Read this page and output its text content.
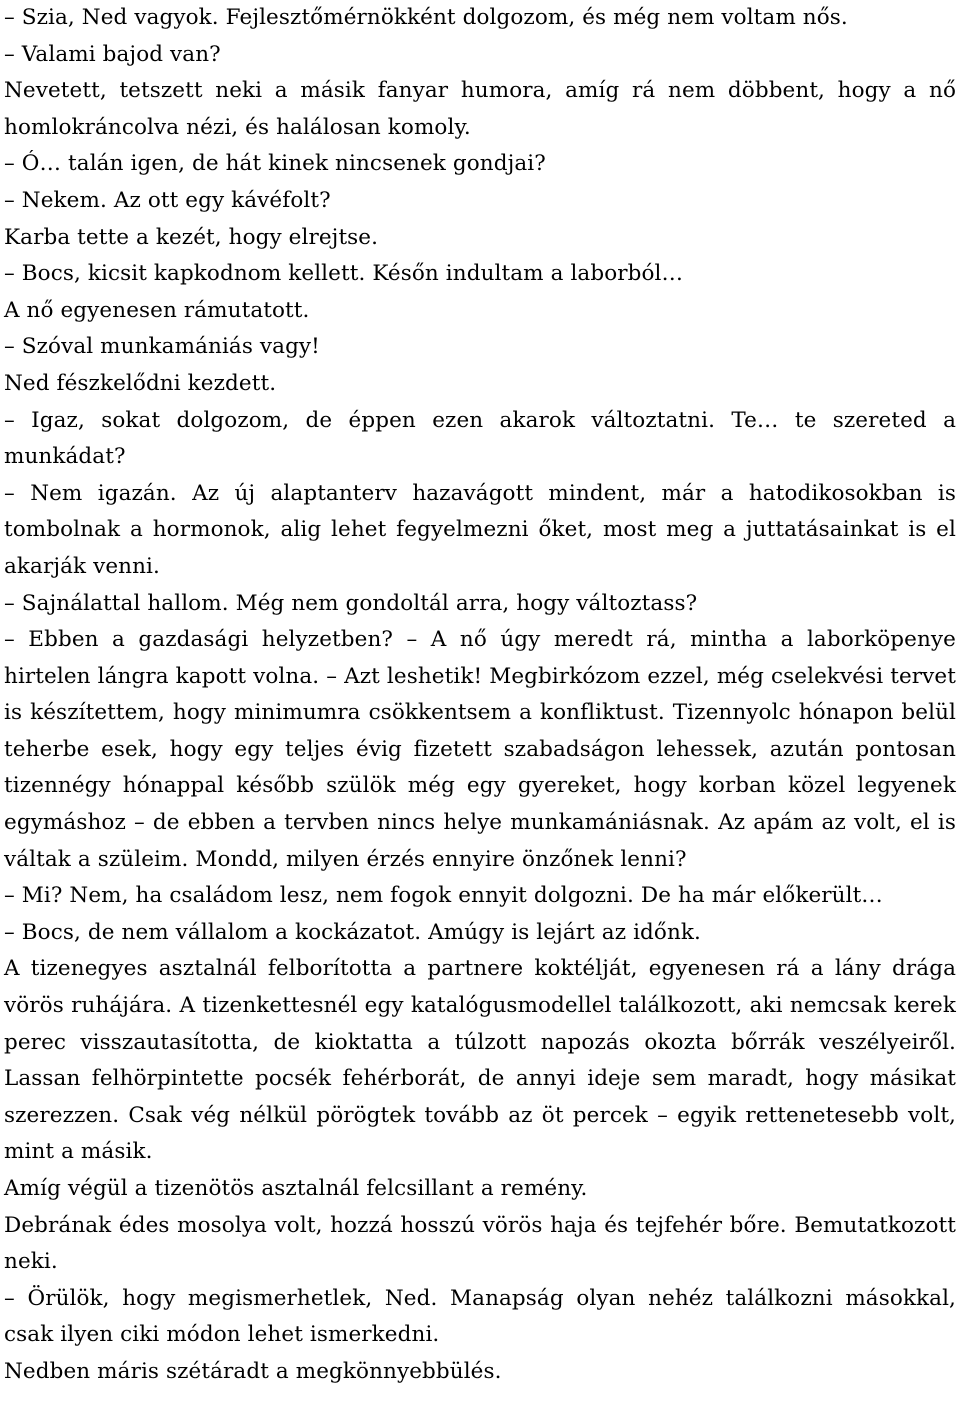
– Szia, Ned vagyok. Fejlesztőmérnökként dolgozom, és még nem voltam nős.

– Valami bajod van?

Nevetett, tetszett neki a másik fanyar humora, amíg rá nem döbbent, hogy a nő homlokráncolva nézi, és halálosan komoly.

– Ó… talán igen, de hát kinek nincsenek gondjai?

– Nekem. Az ott egy kávéfolt?

Karba tette a kezét, hogy elrejtse.

– Bocs, kicsit kapkodnom kellett. Későn indultam a laborból…

A nő egyenesen rámutatott.

– Szóval munkamániás vagy!

Ned fészkelődni kezdett.

– Igaz, sokat dolgozom, de éppen ezen akarok változtatni. Te… te szereted a munkádat?

– Nem igazán. Az új alaptanterv hazavágott mindent, már a hatodikosokban is tombolnak a hormonok, alig lehet fegyelmezni őket, most meg a juttatásainkat is el akarják venni.

– Sajnálattal hallom. Még nem gondoltál arra, hogy változtass?

– Ebben a gazdasági helyzetben? – A nő úgy meredt rá, mintha a laborköpenye hirtelen lángra kapott volna. – Azt leshetik! Megbirkózom ezzel, még cselekvési tervet is készítettem, hogy minimumra csökkentsem a konfliktust. Tizennyolc hónapon belül teherbe esek, hogy egy teljes évig fizetett szabadságon lehessek, azután pontosan tizennégy hónappal később szülök még egy gyereket, hogy korban közel legyenek egymáshoz – de ebben a tervben nincs helye munkamániásnak. Az apám az volt, el is váltak a szüleim. Mondd, milyen érzés ennyire önzőnek lenni?

– Mi? Nem, ha családom lesz, nem fogok ennyit dolgozni. De ha már előkerült…

– Bocs, de nem vállalom a kockázatot. Amúgy is lejárt az időnk.

A tizenegyes asztalnál felborította a partnere koktélját, egyenesen rá a lány drága vörös ruhájára. A tizenkettesnél egy katalógusmodellel találkozott, aki nemcsak kerek perec visszautasította, de kioktatta a túlzott napozás okozta bőrrák veszélyeiről. Lassan felhörpintette pocsék fehérborát, de annyi ideje sem maradt, hogy másikat szerezzen. Csak vég nélkül pörögtek tovább az öt percek – egyik rettenetesebb volt, mint a másik.

Amíg végül a tizenötös asztalnál felcsillant a remény.

Debrának édes mosolya volt, hozzá hosszú vörös haja és tejfehér bőre. Bemutatkozott neki.

– Örülök, hogy megismerhetlek, Ned. Manapság olyan nehéz találkozni másokkal, csak ilyen ciki módon lehet ismerkedni.

Nedben máris szétáradt a megkönnyebbülés.
